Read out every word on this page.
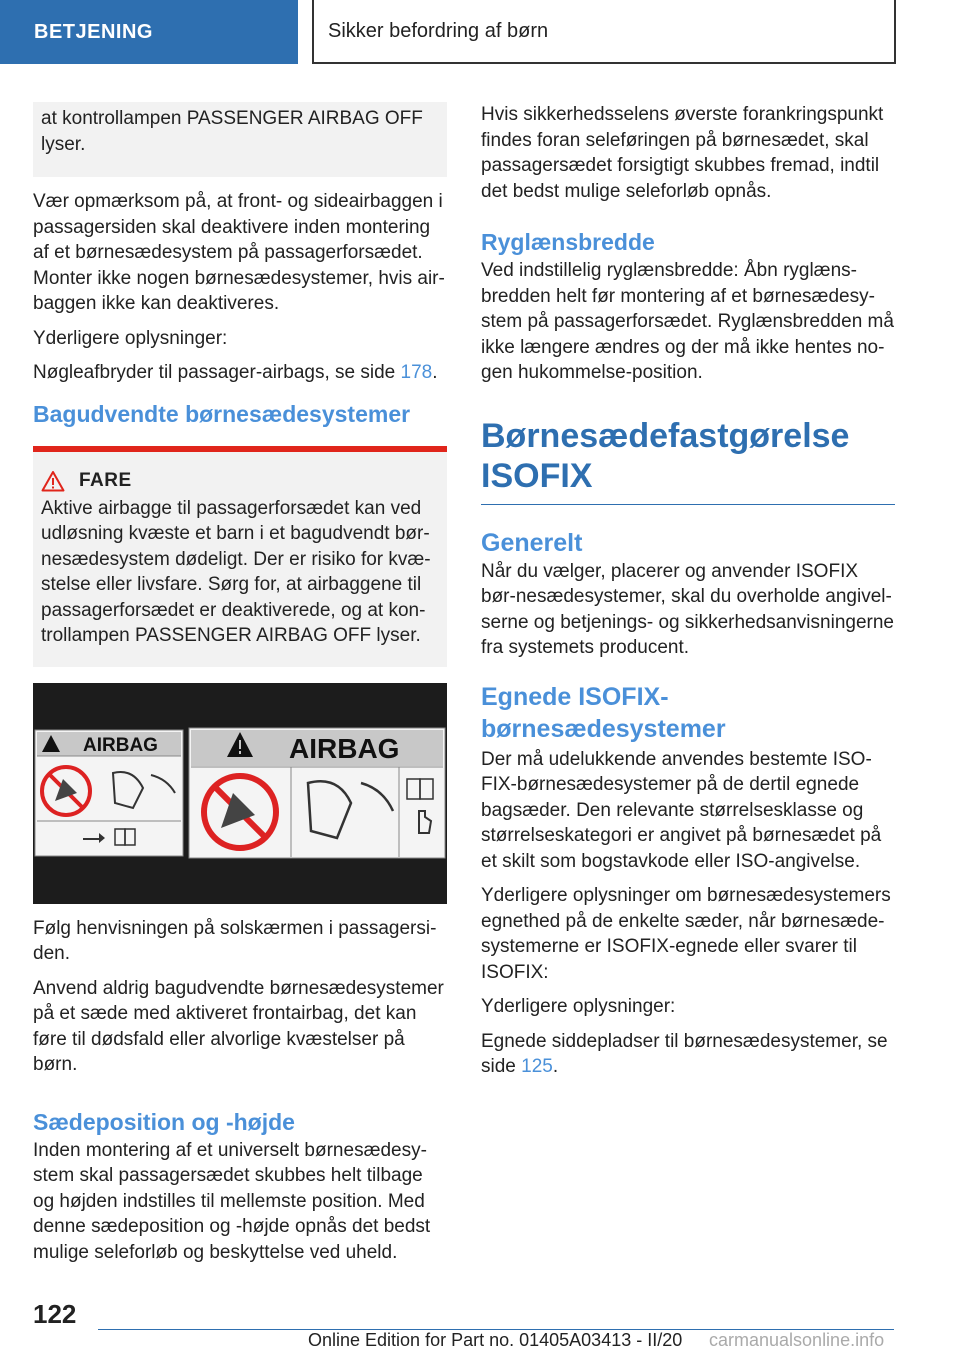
BETJENING	Sikker befordring af børn

at kontrollampen PASSENGER AIRBAG OFF lyser.

Vær opmærksom på, at front- og sideairbaggen i passagersiden skal deaktivere inden montering af et børnesædesystem på passagerforsædet. Monter ikke nogen børnesædesystemer, hvis air-baggen ikke kan deaktiveres.

Yderligere oplysninger:

Nøgleafbryder til passager-airbags, se side 178.

Bagudvendte børnesædesystemer
FARE

Aktive airbagge til passagerforsædet kan ved udløsning kvæste et barn i et bagudvendt bør-nesædesystem dødeligt. Der er risiko for kvæ-stelse eller livsfare. Sørg for, at airbaggene til passagerforsædet er deaktiverede, og at kon-trollampen PASSENGER AIRBAG OFF lyser.

AIRBAG	AIRBAG

Følg henvisningen på solskærmen i passagersi-den.

Anvend aldrig bagudvendte børnesædesystemer på et sæde med aktiveret frontairbag, det kan føre til dødsfald eller alvorlige kvæstelser på børn.

Sædeposition og -højde

Inden montering af et universelt børnesædesy-stem skal passagersædet skubbes helt tilbage og højden indstilles til mellemste position. Med denne sædeposition og -højde opnås det bedst mulige seleforløb og beskyttelse ved uheld.

Hvis sikkerhedsselens øverste forankringspunkt findes foran seleføringen på børnesædet, skal passagersædet forsigtigt skubbes fremad, indtil det bedst mulige seleforløb opnås.

Ryglænsbredde

Ved indstillelig ryglænsbredde: Åbn ryglæns-bredden helt før montering af et børnesædesy-stem på passagerforsædet. Ryglænsbredden må ikke længere ændres og der må ikke hentes no-gen hukommelse-position.

Børnesædefastgørelse
ISOFIX
Generelt

Når du vælger, placerer og anvender ISOFIX bør-nesædesystemer, skal du overholde angivel-serne og betjenings- og sikkerhedsanvisningerne fra systemets producent.

Egnede ISOFIX-
børnesædesystemer

Der må udelukkende anvendes bestemte ISO-FIX-børnesædesystemer på de dertil egnede bagsæder. Den relevante størrelsesklasse og størrelseskategori er angivet på børnesædet på et skilt som bogstavkode eller ISO-angivelse.

Yderligere oplysninger om børnesædesystemers egnethed på de enkelte sæder, når børnesæde-systemerne er ISOFIX-egnede eller svarer til ISOFIX:

Yderligere oplysninger:

Egnede siddepladser til børnesædesystemer, se side 125.

122
Online Edition for Part no. 01405A03413 - II/20 carmanualsonline.info
